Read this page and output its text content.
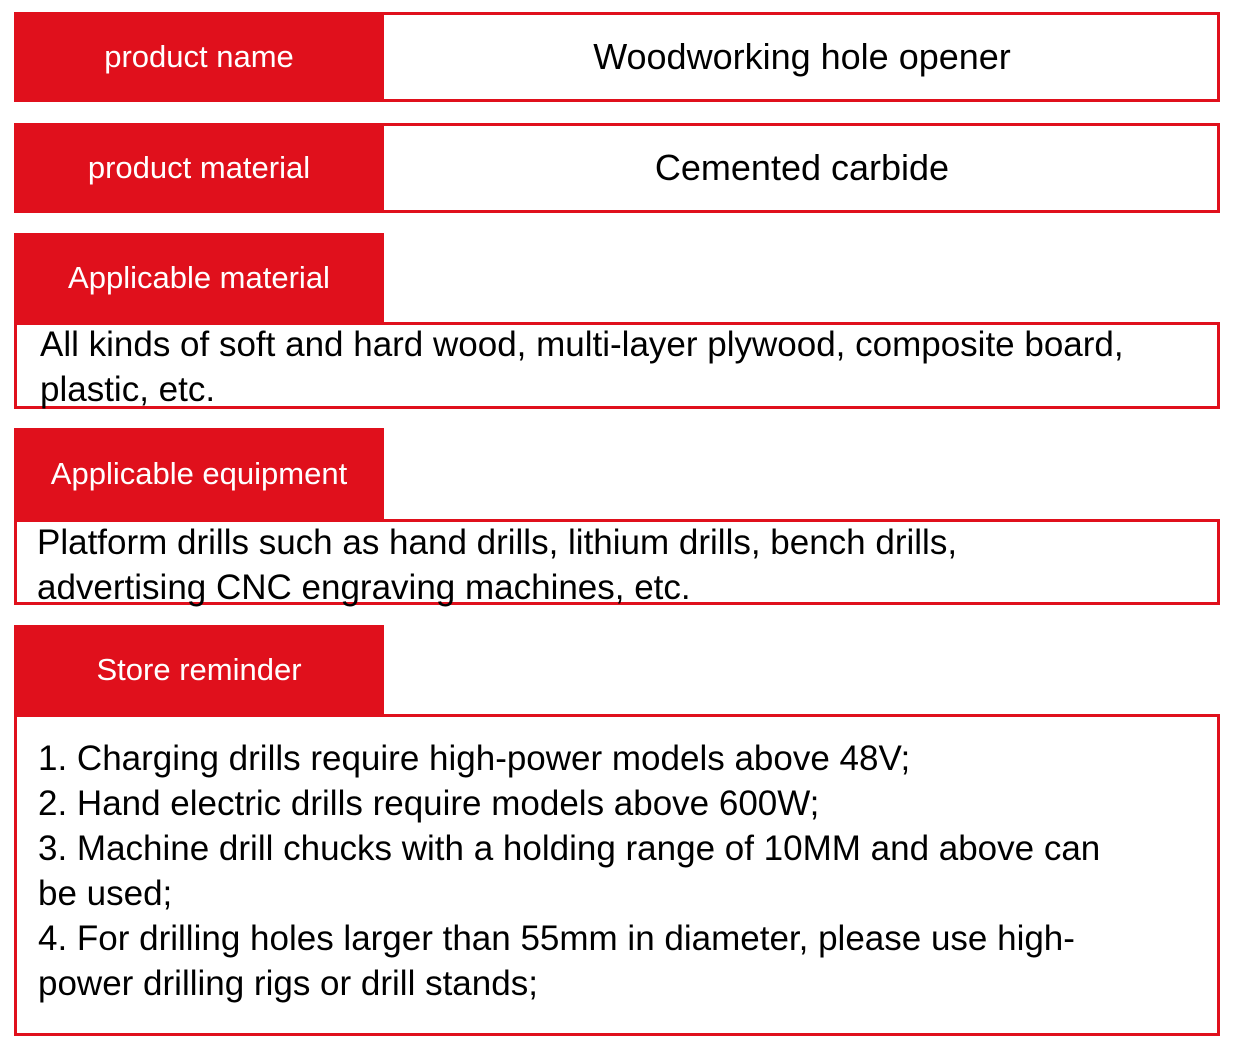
product name	Woodworking hole opener
product material	Cemented carbide
Applicable material
All kinds of soft and hard wood, multi-layer plywood, composite board,
plastic, etc.
Applicable equipment
Platform drills such as hand drills, lithium drills, bench drills,
advertising CNC engraving machines, etc.
Store reminder
1. Charging drills require high-power models above 48V;
2. Hand electric drills require models above 600W;
3. Machine drill chucks with a holding range of 10MM and above can
be used;
4. For drilling holes larger than 55mm in diameter, please use high-
power drilling rigs or drill stands;
